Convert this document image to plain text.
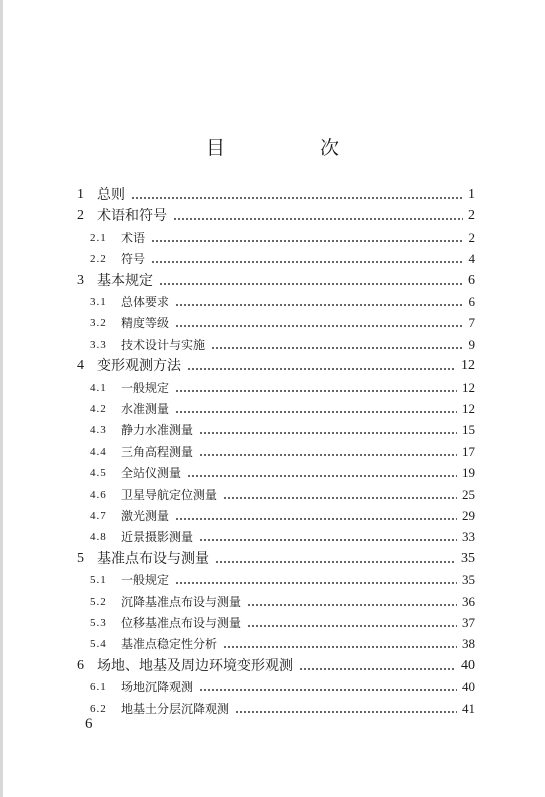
目　次
1 总则	1
2 术语和符号	2
2.1 术语	2
2.2 符号	4
3 基本规定	6
3.1 总体要求	6
3.2 精度等级	7
3.3 技术设计与实施	9
4 变形观测方法	12
4.1 一般规定	12
4.2 水准测量	12
4.3 静力水准测量	15
4.4 三角高程测量	17
4.5 全站仪测量	19
4.6 卫星导航定位测量	25
4.7 激光测量	29
4.8 近景摄影测量	33
5 基准点布设与测量	35
5.1 一般规定	35
5.2 沉降基准点布设与测量	36
5.3 位移基准点布设与测量	37
5.4 基准点稳定性分析	38
6 场地、地基及周边环境变形观测	40
6.1 场地沉降观测	40
6.2 地基土分层沉降观测	41
6
